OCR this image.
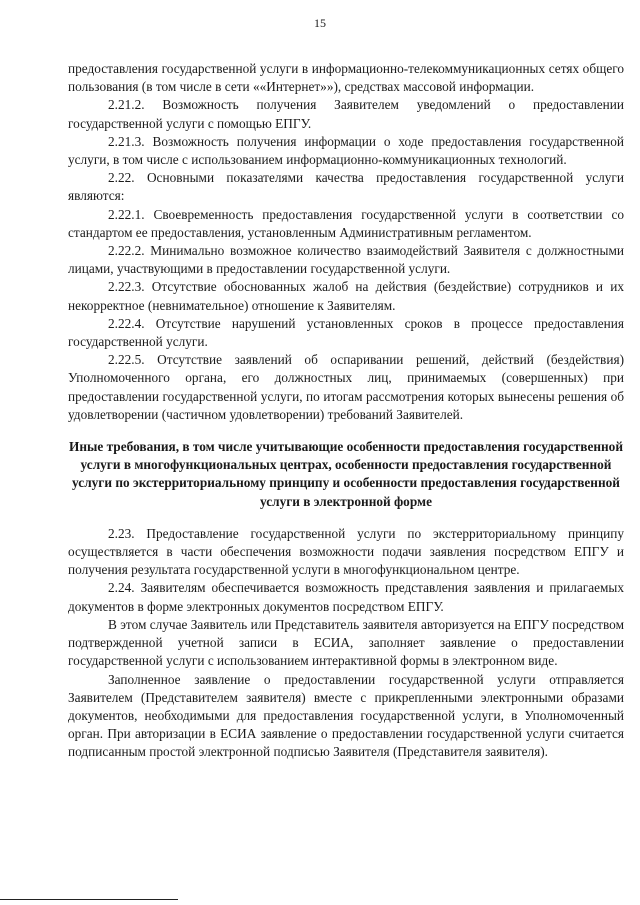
15

предоставления государственной услуги в информационно-телекоммуникационных сетях общего пользования (в том числе в сети ««Интернет»»), средствах массовой информации.

2.21.2. Возможность получения Заявителем уведомлений о предоставлении государственной услуги с помощью ЕПГУ.

2.21.3. Возможность получения информации о ходе предоставления государственной услуги, в том числе с использованием информационно-коммуникационных технологий.

2.22. Основными показателями качества предоставления государственной услуги являются:

2.22.1. Своевременность предоставления государственной услуги в соответствии со стандартом ее предоставления, установленным Административным регламентом.

2.22.2. Минимально возможное количество взаимодействий Заявителя с должностными лицами, участвующими в предоставлении государственной услуги.

2.22.3. Отсутствие обоснованных жалоб на действия (бездействие) сотрудников и их некорректное (невнимательное) отношение к Заявителям.

2.22.4. Отсутствие нарушений установленных сроков в процессе предоставления государственной услуги.

2.22.5. Отсутствие заявлений об оспаривании решений, действий (бездействия) Уполномоченного органа, его должностных лиц, принимаемых (совершенных) при предоставлении государственной услуги, по итогам рассмотрения которых вынесены решения об удовлетворении (частичном удовлетворении) требований Заявителей.

Иные требования, в том числе учитывающие особенности предоставления государственной услуги в многофункциональных центрах, особенности предоставления государственной услуги по экстерриториальному принципу и особенности предоставления государственной услуги в электронной форме

2.23. Предоставление государственной услуги по экстерриториальному принципу осуществляется в части обеспечения возможности подачи заявления посредством ЕПГУ и получения результата государственной услуги в многофункциональном центре.

2.24. Заявителям обеспечивается возможность представления заявления и прилагаемых документов в форме электронных документов посредством ЕПГУ.

В этом случае Заявитель или Представитель заявителя авторизуется на ЕПГУ посредством подтвержденной учетной записи в ЕСИА, заполняет заявление о предоставлении государственной услуги с использованием интерактивной формы в электронном виде.

Заполненное заявление о предоставлении государственной услуги отправляется Заявителем (Представителем заявителя) вместе с прикрепленными электронными образами документов, необходимыми для предоставления государственной услуги, в Уполномоченный орган. При авторизации в ЕСИА заявление о предоставлении государственной услуги считается подписанным простой электронной подписью Заявителя (Представителя заявителя).
